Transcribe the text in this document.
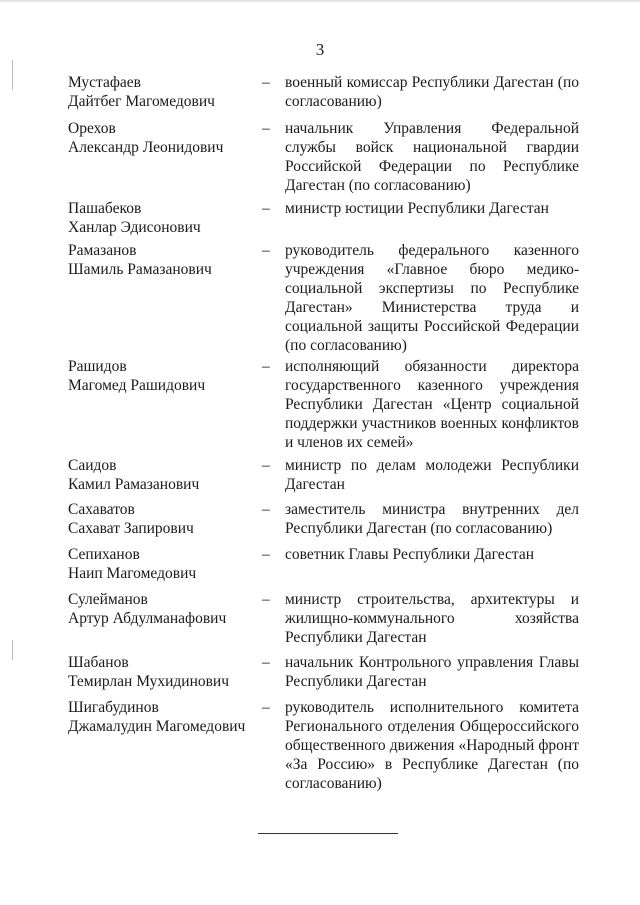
3
Мустафаев
Дайтбег Магомедович
– военный комиссар Республики Дагестан (по согласованию)
Орехов
Александр Леонидович
– начальник Управления Федеральной службы войск национальной гвардии Российской Федерации по Республике Дагестан (по согласованию)
Пашабеков
Ханлар Эдисонович
– министр юстиции Республики Дагестан
Рамазанов
Шамиль Рамазанович
– руководитель федерального казенного учреждения «Главное бюро медико-социальной экспертизы по Республике Дагестан» Министерства труда и социальной защиты Российской Федерации (по согласованию)
Рашидов
Магомед Рашидович
– исполняющий обязанности директора государственного казенного учреждения Республики Дагестан «Центр социальной поддержки участников военных конфликтов и членов их семей»
Саидов
Камил Рамазанович
– министр по делам молодежи Республики Дагестан
Сахаватов
Сахават Запирович
– заместитель министра внутренних дел Республики Дагестан (по согласованию)
Сепиханов
Наип Магомедович
– советник Главы Республики Дагестан
Сулейманов
Артур Абдулманафович
– министр строительства, архитектуры и жилищно-коммунального хозяйства Республики Дагестан
Шабанов
Темирлан Мухидинович
– начальник Контрольного управления Главы Республики Дагестан
Шигабудинов
Джамалудин Магомедович
– руководитель исполнительного комитета Регионального отделения Общероссийского общественного движения «Народный фронт «За Россию» в Республике Дагестан (по согласованию)
